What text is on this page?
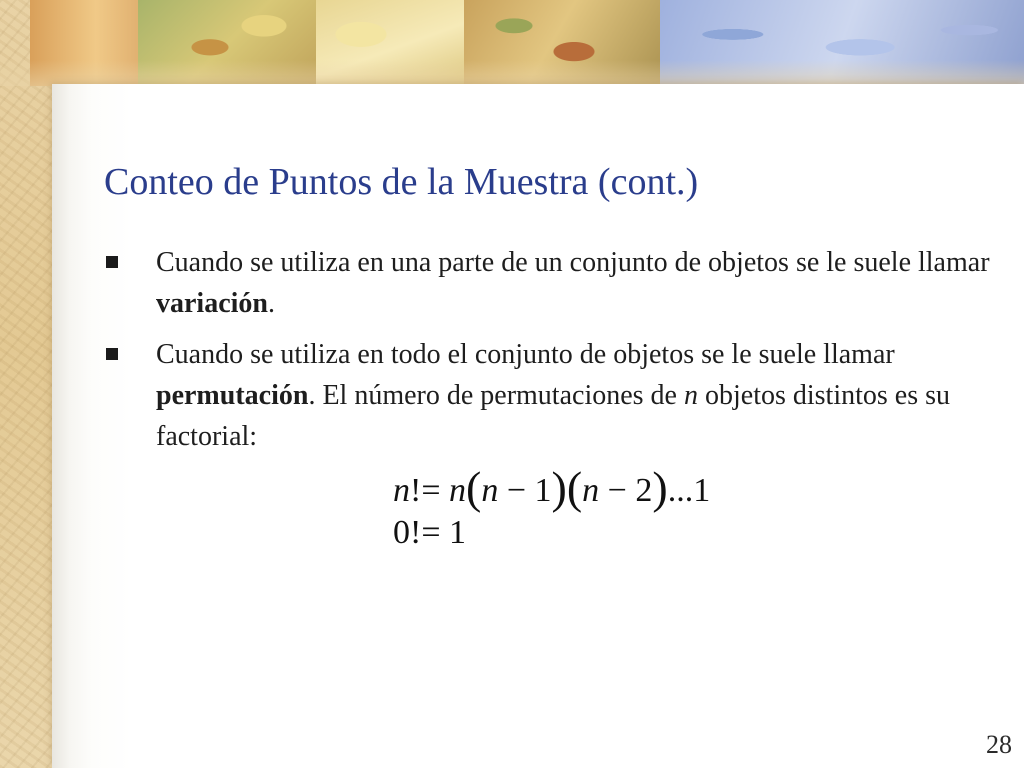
Conteo de Puntos de la Muestra (cont.)
Cuando se utiliza en una parte de un conjunto de objetos se le suele llamar variación.
Cuando se utiliza en todo el conjunto de objetos se le suele llamar permutación. El número de permutaciones de n objetos distintos es su factorial:
n!= n(n − 1)(n − 2)...1
0!= 1
28
